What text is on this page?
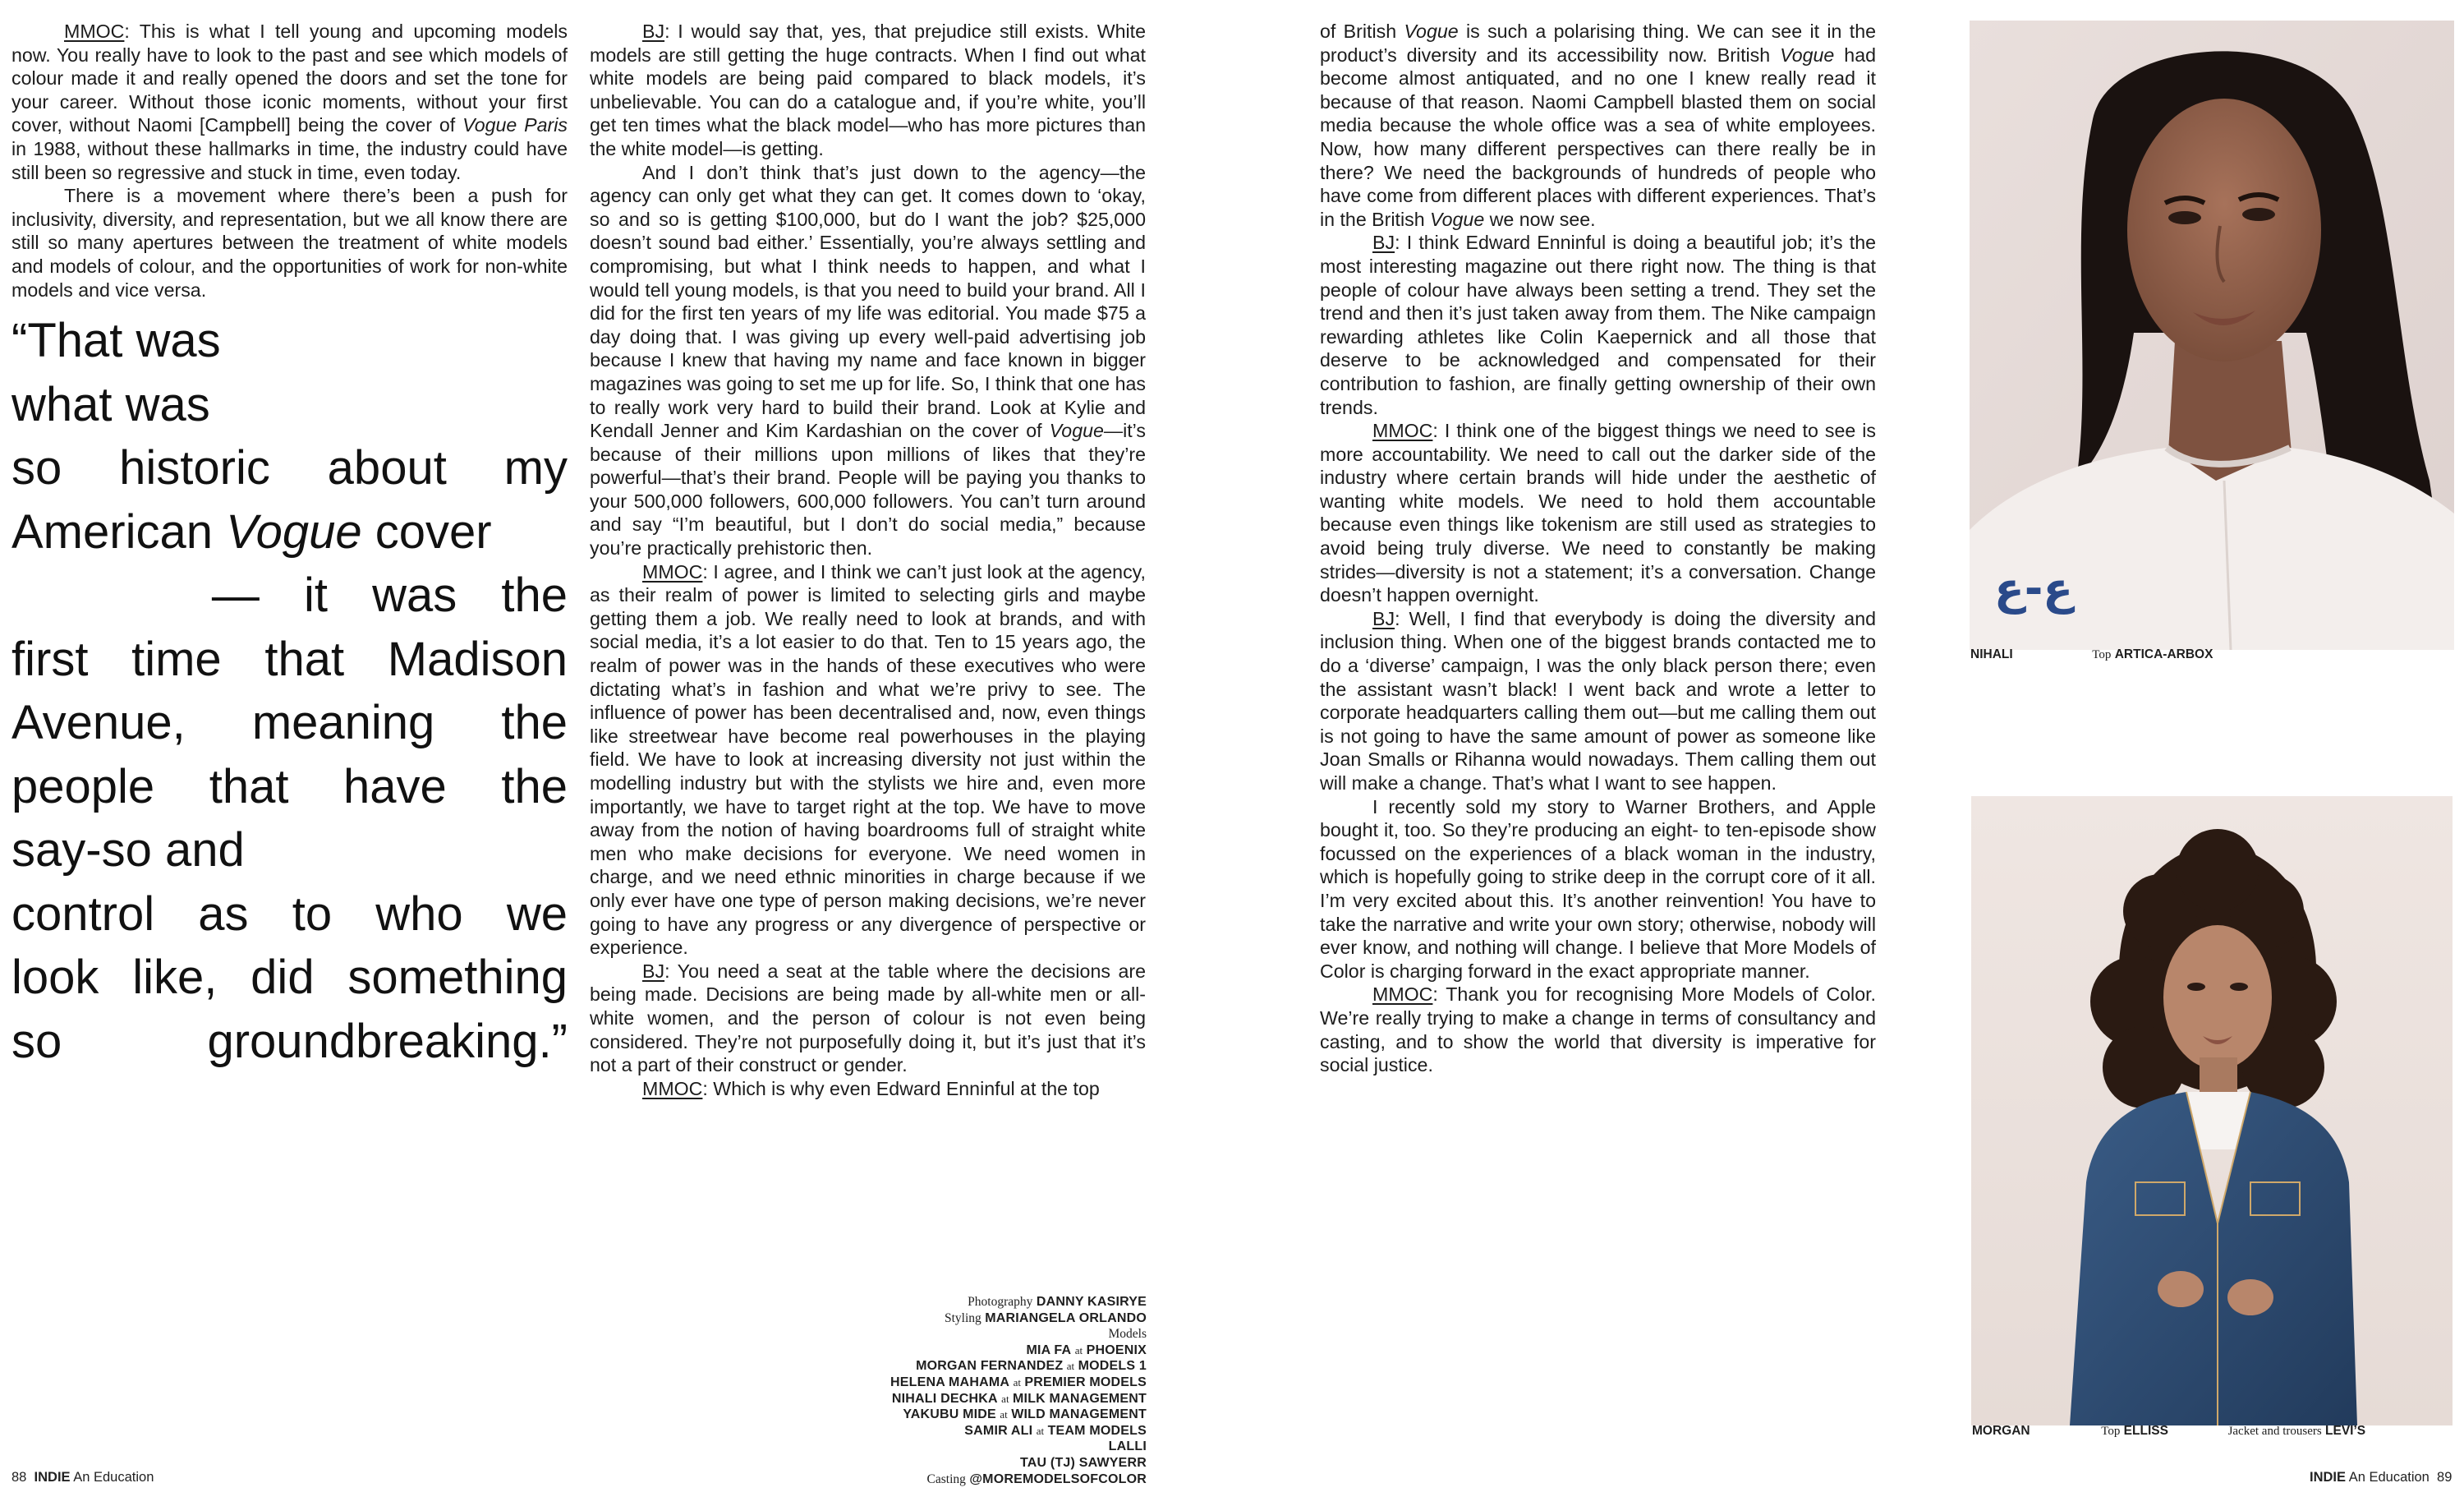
MMOC: This is what I tell young and upcoming models now. You really have to look to the past and see which models of colour made it and really opened the doors and set the tone for your career. Without those iconic moments, without your first cover, without Naomi [Campbell] being the cover of Vogue Paris in 1988, without these hallmarks in time, the industry could have still been so regressive and stuck in time, even today.

There is a movement where there’s been a push for inclusivity, diversity, and representation, but we all know there are still so many apertures between the treatment of white models and models of colour, and the opportunities of work for non-white models and vice versa.

“That was
what was
so historic about my
American Vogue cover
— it was the
first time that Madison
Avenue, meaning the
people that have the
say-so and
control as to who we
look like, did something
so groundbreaking.”

BJ: I would say that, yes, that prejudice still exists. White models are still getting the huge contracts. When I find out what white models are being paid compared to black models, it’s unbelievable. You can do a catalogue and, if you’re white, you’ll get ten times what the black model—who has more pictures than the white model—is getting.

And I don’t think that’s just down to the agency—the agency can only get what they can get. It comes down to ‘okay, so and so is getting $100,000, but do I want the job? $25,000 doesn’t sound bad either.’ Essentially, you’re always settling and compromising, but what I think needs to happen, and what I would tell young models, is that you need to build your brand. All I did for the first ten years of my life was editorial. You made $75 a day doing that. I was giving up every well-paid advertising job because I knew that having my name and face known in bigger magazines was going to set me up for life. So, I think that one has to really work very hard to build their brand. Look at Kylie and Kendall Jenner and Kim Kardashian on the cover of Vogue—it’s because of their millions upon millions of likes that they’re powerful—that’s their brand. People will be paying you thanks to your 500,000 followers, 600,000 followers. You can’t turn around and say “I’m beautiful, but I don’t do social media,” because you’re practically prehistoric then.

MMOC: I agree, and I think we can’t just look at the agency, as their realm of power is limited to selecting girls and maybe getting them a job. We really need to look at brands, and with social media, it’s a lot easier to do that. Ten to 15 years ago, the realm of power was in the hands of these executives who were dictating what’s in fashion and what we’re privy to see. The influence of power has been decentralised and, now, even things like streetwear have become real powerhouses in the playing field. We have to look at increasing diversity not just within the modelling industry but with the stylists we hire and, even more importantly, we have to target right at the top. We have to move away from the notion of having boardrooms full of straight white men who make decisions for everyone. We need women in charge, and we need ethnic minorities in charge because if we only ever have one type of person making decisions, we’re never going to have any progress or any divergence of perspective or experience.

BJ: You need a seat at the table where the decisions are being made. Decisions are being made by all-white men or all-white women, and the person of colour is not even being considered. They’re not purposefully doing it, but it’s just that it’s not a part of their construct or gender.

MMOC: Which is why even Edward Enninful at the top

Photography DANNY KASIRYE
Styling MARIANGELA ORLANDO
Models
MIA FA at PHOENIX
MORGAN FERNANDEZ at MODELS 1
HELENA MAHAMA at PREMIER MODELS
NIHALI DECHKA at MILK MANAGEMENT
YAKUBU MIDE at WILD MANAGEMENT
SAMIR ALI at TEAM MODELS
LALLI
TAU (TJ) SAWYERR
Casting @MOREMODELSOFCOLOR
88 INDIE An Education

of British Vogue is such a polarising thing. We can see it in the product’s diversity and its accessibility now. British Vogue had become almost antiquated, and no one I knew really read it because of that reason. Naomi Campbell blasted them on social media because the whole office was a sea of white employees. Now, how many different perspectives can there really be in there? We need the backgrounds of hundreds of people who have come from different places with different experiences. That’s in the British Vogue we now see.

BJ: I think Edward Enninful is doing a beautiful job; it’s the most interesting magazine out there right now. The thing is that people of colour have always been setting a trend. They set the trend and then it’s just taken away from them. The Nike campaign rewarding athletes like Colin Kaepernick and all those that deserve to be acknowledged and compensated for their contribution to fashion, are finally getting ownership of their own trends.

MMOC: I think one of the biggest things we need to see is more accountability. We need to call out the darker side of the industry where certain brands will hide under the aesthetic of wanting white models. We need to hold them accountable because even things like tokenism are still used as strategies to avoid being truly diverse. We need to constantly be making strides—diversity is not a statement; it’s a conversation. Change doesn’t happen overnight.

BJ: Well, I find that everybody is doing the diversity and inclusion thing. When one of the biggest brands contacted me to do a ‘diverse’ campaign, I was the only black person there; even the assistant wasn’t black! I went back and wrote a letter to corporate headquarters calling them out—but me calling them out is not going to have the same amount of power as someone like Joan Smalls or Rihanna would nowadays. Them calling them out will make a change. That’s what I want to see happen.

I recently sold my story to Warner Brothers, and Apple bought it, too. So they’re producing an eight- to ten-episode show focussed on the experiences of a black woman in the industry, which is hopefully going to strike deep in the corrupt core of it all. I’m very excited about this. It’s another reinvention! You have to take the narrative and write your own story; otherwise, nobody will ever know, and nothing will change. I believe that More Models of Color is charging forward in the exact appropriate manner.

MMOC: Thank you for recognising More Models of Color. We’re really trying to make a change in terms of consultancy and casting, and to show the world that diversity is imperative for social justice.

ع-ع
NIHALI	Top ARTICA-ARBOX
MORGAN	Top ELLISS	Jacket and trousers LEVI’S
INDIE An Education 89
